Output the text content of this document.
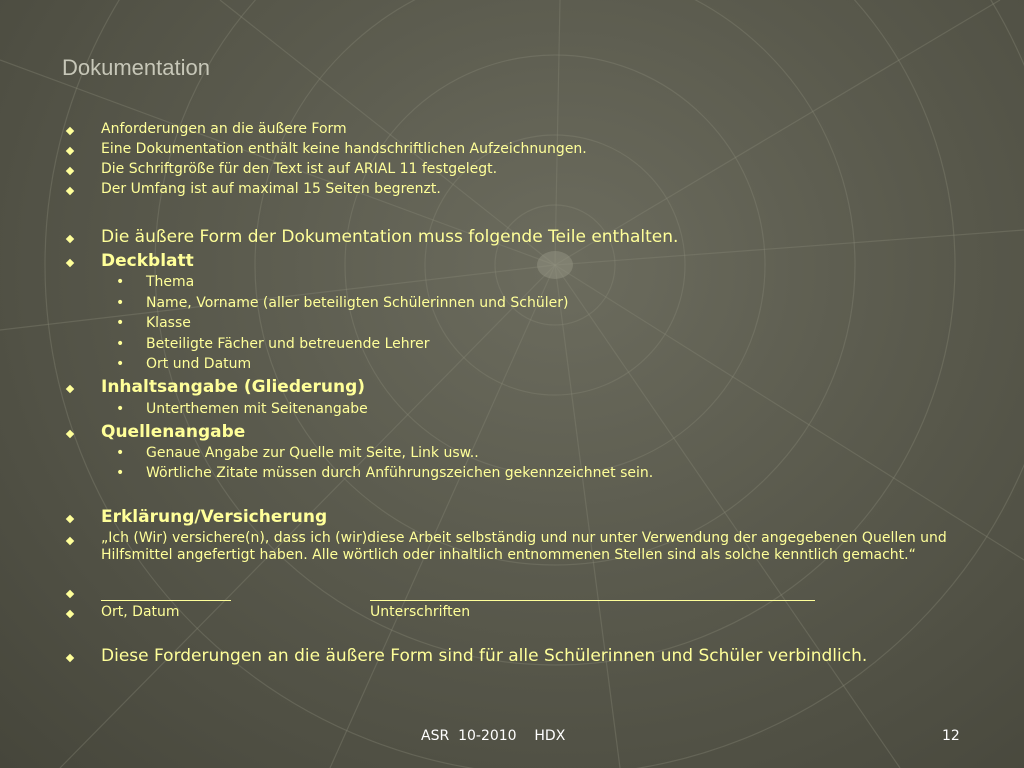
Dokumentation
Anforderungen an die äußere Form
Eine Dokumentation enthält keine handschriftlichen Aufzeichnungen.
Die Schriftgröße für den Text ist auf ARIAL 11 festgelegt.
Der Umfang ist auf maximal 15 Seiten begrenzt.
Die äußere Form der Dokumentation muss folgende Teile enthalten.
Deckblatt
• Thema
• Name, Vorname (aller beteiligten Schülerinnen und Schüler)
• Klasse
• Beteiligte Fächer und betreuende Lehrer
• Ort und Datum
Inhaltsangabe (Gliederung)
• Unterthemen mit Seitenangabe
Quellenangabe
• Genaue Angabe zur Quelle mit Seite, Link usw..
• Wörtliche Zitate müssen durch Anführungszeichen gekennzeichnet sein.
Erklärung/Versicherung
„Ich (Wir) versichere(n), dass ich (wir)diese Arbeit selbständig und nur unter Verwendung der angegebenen Quellen und Hilfsmittel angefertigt haben. Alle wörtlich oder inhaltlich entnommenen Stellen sind als solche kenntlich gemacht.“
Ort, Datum	Unterschriften
Diese Forderungen an die äußere Form sind für alle Schülerinnen und Schüler verbindlich.
ASR  10-2010    HDX	12
